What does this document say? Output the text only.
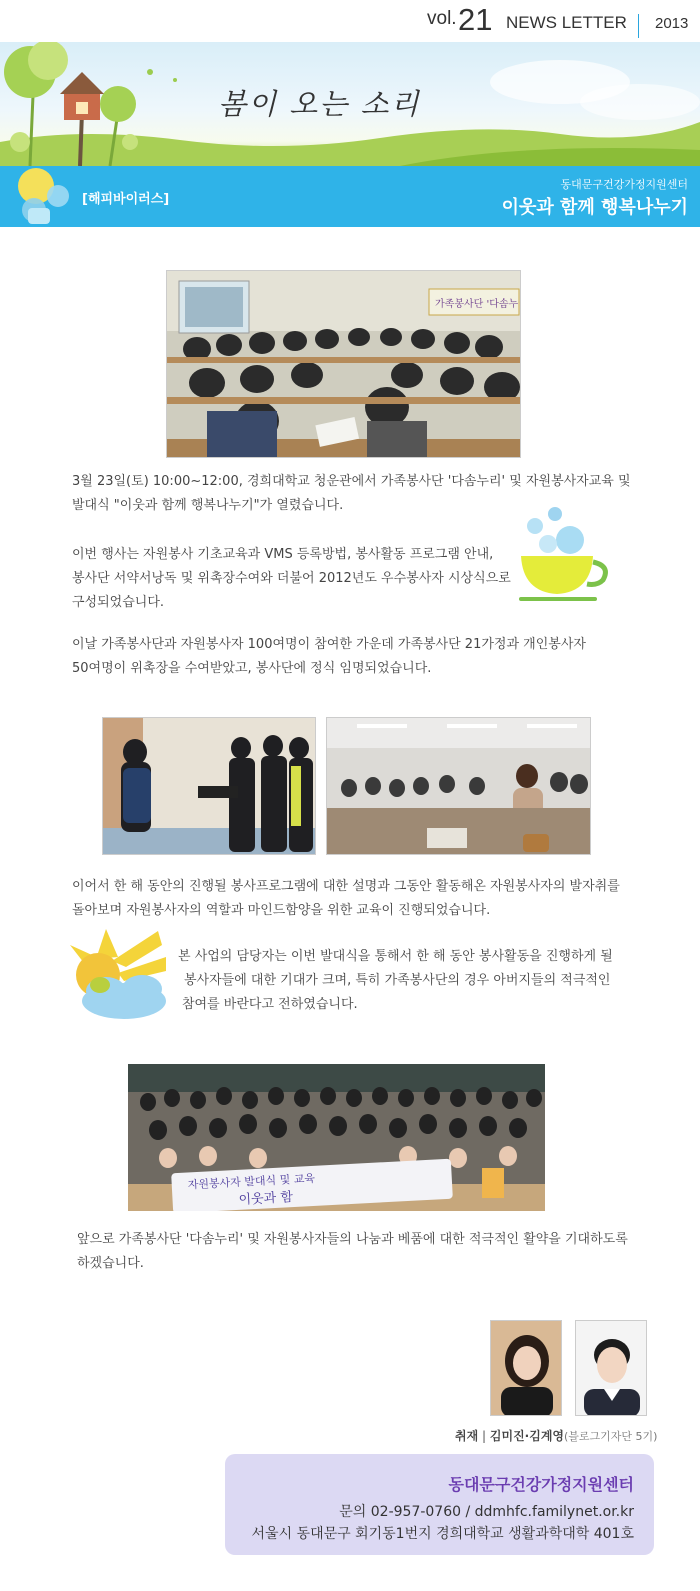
vol. 21 NEWS LETTER 2013
봄이 오는 소리
[해피바이러스]
동대문구건강가정지원센터
이웃과 함께 행복나누기
가족봉사단 '다솜누
3월 23일(토) 10:00~12:00, 경희대학교 청운관에서 가족봉사단 '다솜누리' 및 자원봉사자교육 및
발대식 "이웃과 함께 행복나누기"가 열렸습니다.
이번 행사는 자원봉사 기초교육과 VMS 등록방법, 봉사활동 프로그램 안내,
봉사단 서약서낭독 및 위촉장수여와 더불어 2012년도 우수봉사자 시상식으로
구성되었습니다.
이날 가족봉사단과 자원봉사자 100여명이 참여한 가운데 가족봉사단 21가정과 개인봉사자
50여명이 위촉장을 수여받았고, 봉사단에 정식 임명되었습니다.
이어서 한 해 동안의 진행될 봉사프로그램에 대한 설명과 그동안 활동해온 자원봉사자의 발자취를
돌아보며 자원봉사자의 역할과 마인드함양을 위한 교육이 진행되었습니다.
본 사업의 담당자는 이번 발대식을 통해서 한 해 동안 봉사활동을 진행하게 될
봉사자들에 대한 기대가 크며, 특히 가족봉사단의 경우 아버지들의 적극적인
참여를 바란다고 전하였습니다.
자원봉사자 발대식 및 교육
이웃과 함
앞으로 가족봉사단 '다솜누리' 및 자원봉사자들의 나눔과 베품에 대한 적극적인 활약을 기대하도록
하겠습니다.
취재 | 김미진·김계영(블로그기자단 5기)
동대문구건강가정지원센터
문의 02-957-0760 / ddmhfc.familynet.or.kr
서울시 동대문구 회기동1번지 경희대학교 생활과학대학 401호
